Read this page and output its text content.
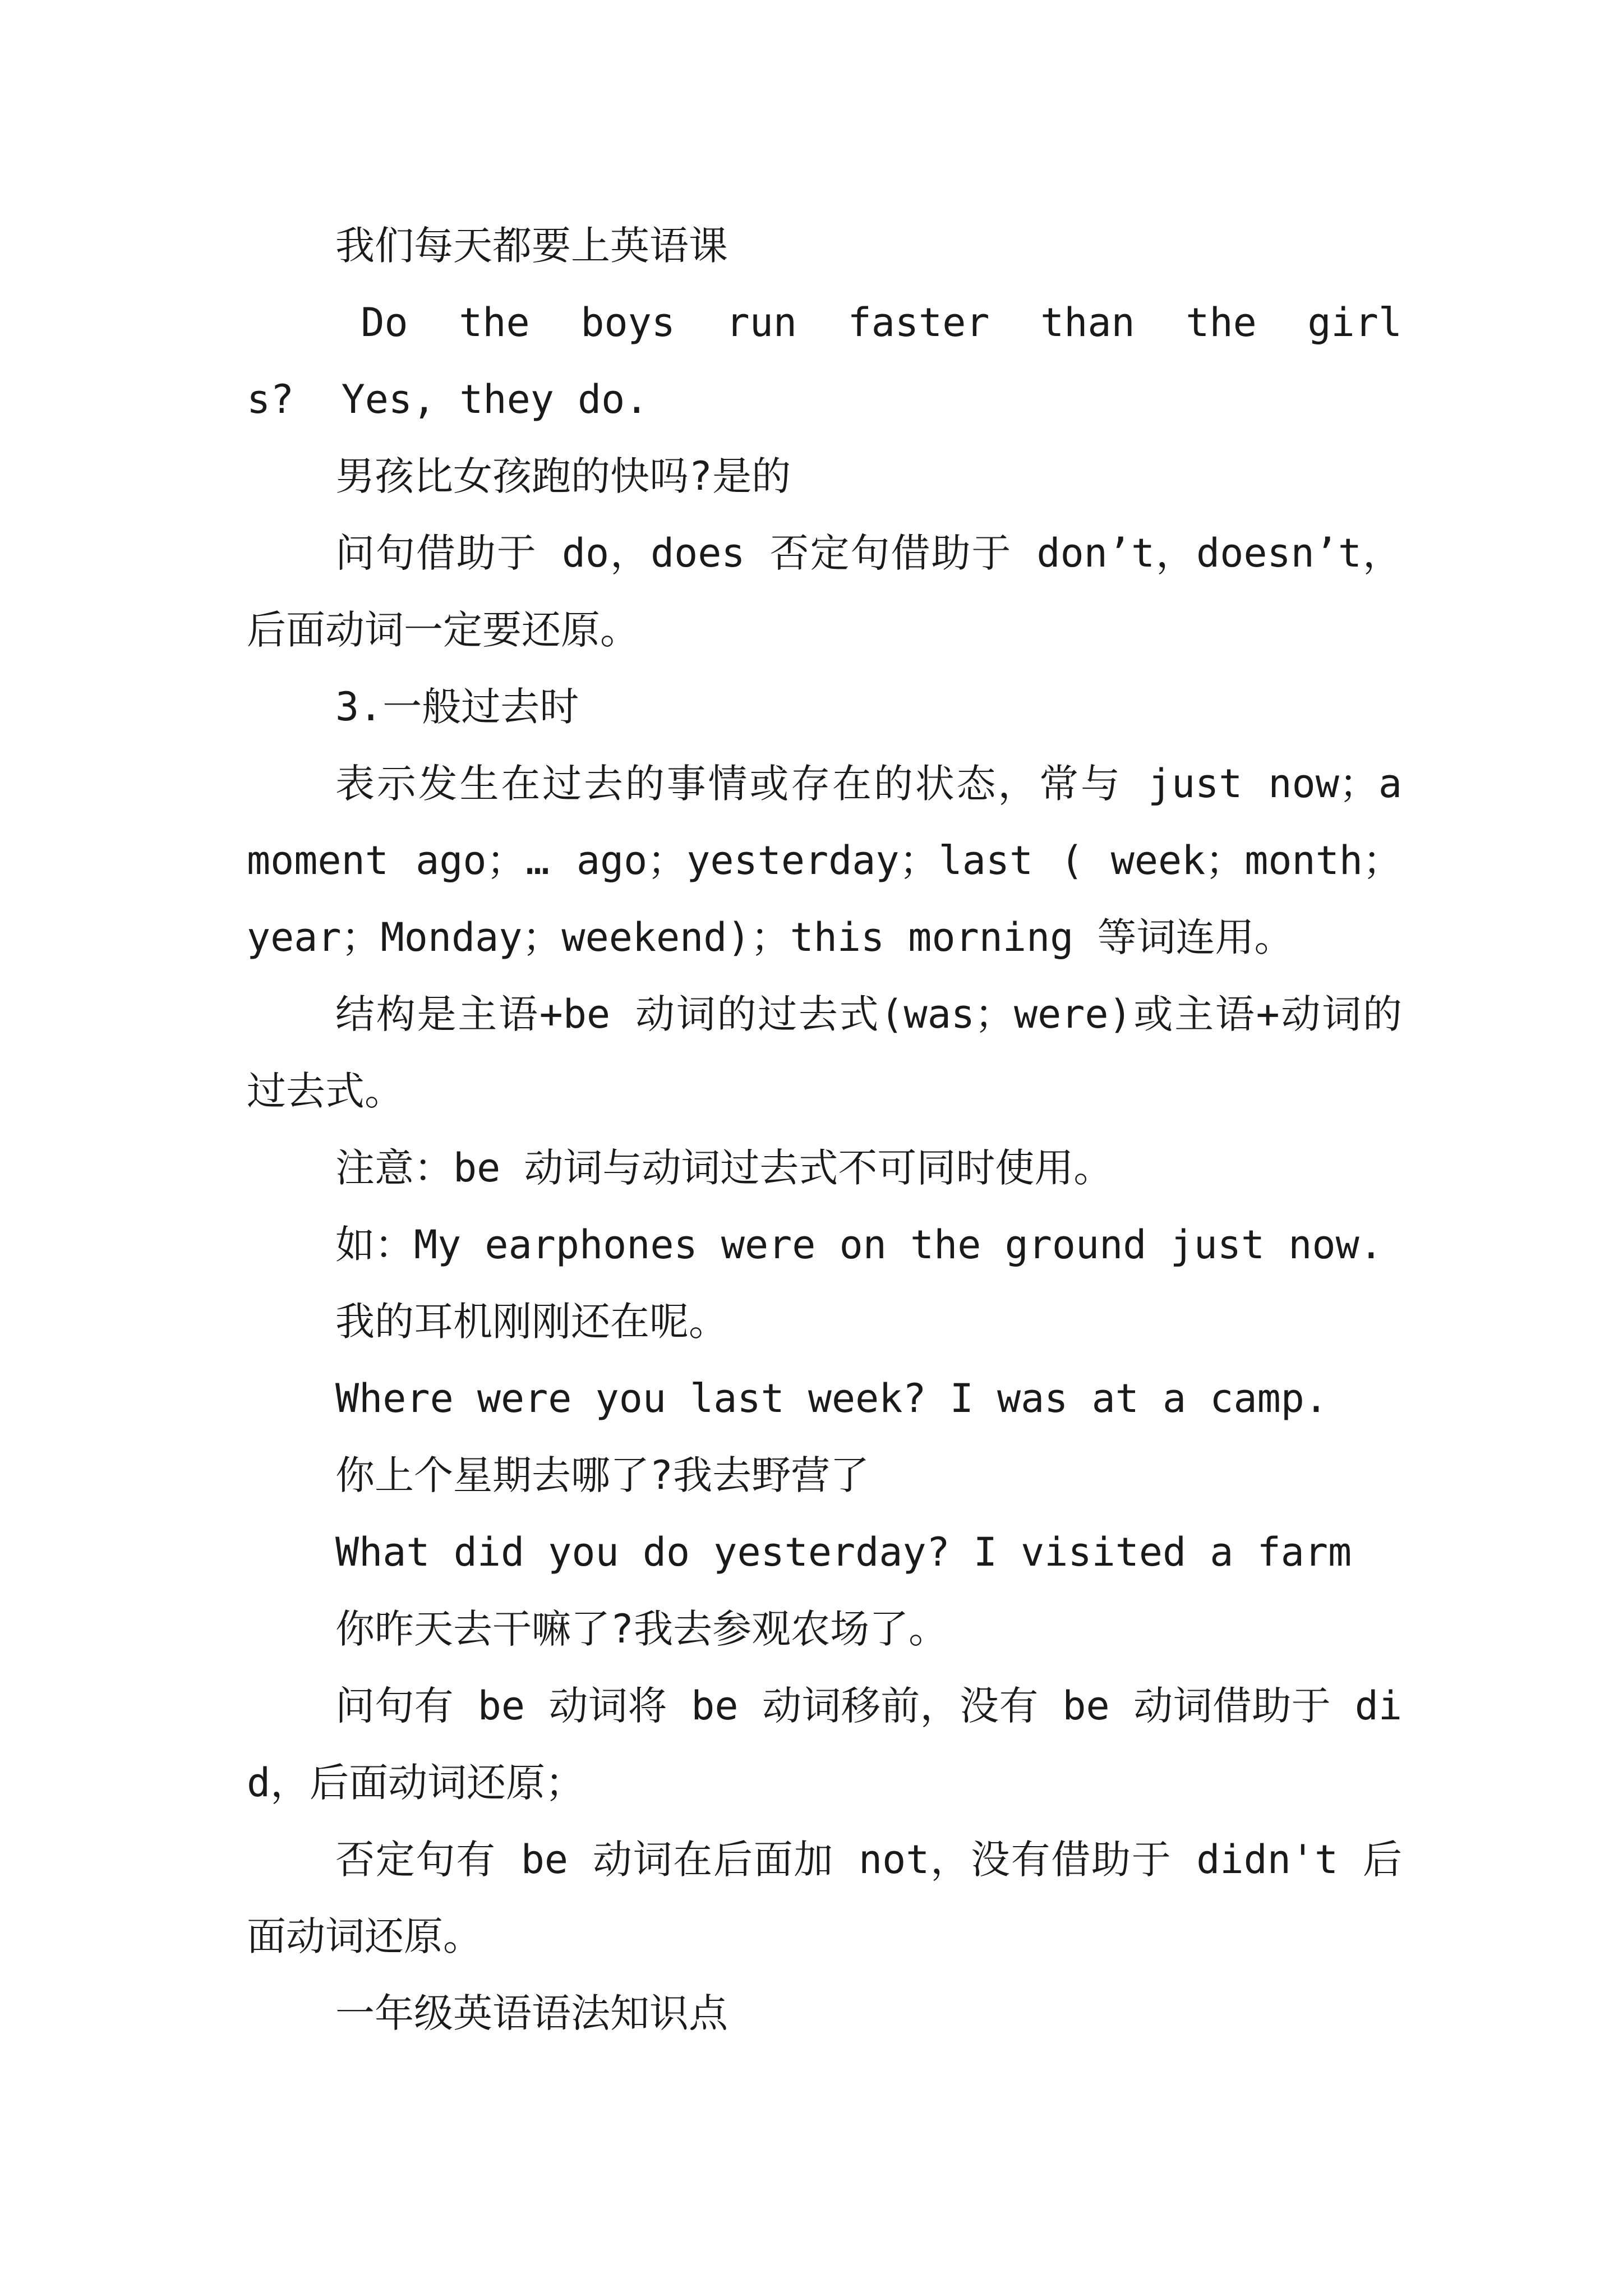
我们每天都要上英语课

Do  the  boys  run  faster  than  the  girls?  Yes, they do.

男孩比女孩跑的快吗?是的

问句借助于 do，does 否定句借助于 don’t，doesn’t，后面动词一定要还原。

3.一般过去时

表示发生在过去的事情或存在的状态，常与 just now；a moment ago；… ago；yesterday；last ( week；month；year；Monday；weekend)；this morning 等词连用。

结构是主语+be 动词的过去式(was；were)或主语+动词的过去式。

注意：be 动词与动词过去式不可同时使用。

如：My earphones were on the ground just now.

我的耳机刚刚还在呢。

Where were you last week? I was at a camp.

你上个星期去哪了?我去野营了

What did you do yesterday? I visited a farm

你昨天去干嘛了?我去参观农场了。

问句有 be 动词将 be 动词移前，没有 be 动词借助于 did，后面动词还原；

否定句有 be 动词在后面加 not，没有借助于 didn't 后面动词还原。

一年级英语语法知识点
